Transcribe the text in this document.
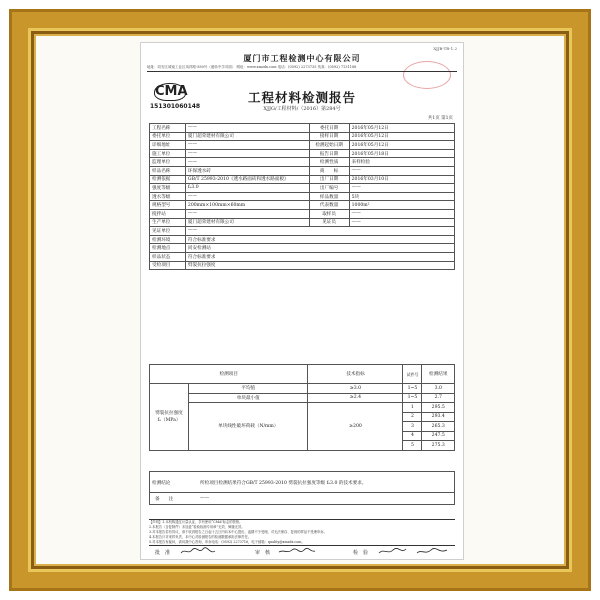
XJJB-TR-1.2
厦门市工程检测中心有限公司
地址：同安区城南工业区凤祥路-580号（港转中学对面） 网址：www.xmzdx.com 电话：(0592) 2273735 传真：(0592) 7131188
CMA
151301060148
工程材料检测报告
XJJG/工程材料/（2016）第284号
共1页 第1页
工程名称	——	委托日期	2016年05月12日
委托单位	厦门超荣建材有限公司	接样日期	2016年05月12日
详细地址	——	检测起始日期	2016年05月12日
施工单位	——	报告日期	2016年05月18日
监理单位	——	检测性质	来样检验
样品名称	环保透水砖	商　　标	——
检测依据	GB/T 25993-2010《透水路面砖和透水路面板》	出厂日期	2016年03月10日
强度等级	fₑ3.0	出厂编号	——
透水等级	——	样品数量	5块
规格型号	200mm×100mm×60mm	代表数量	1000m²
搅拌站	——	取样员	——
生产单位	厦门超荣建材有限公司	见证员	——
见证单位	——		
检测环境	符合标准要求		
检测地点	同安检测站		
样品状态	符合标准要求		
受检项目	劈裂抗拉强度		
检测项目		技术指标	试件号	检测结果

劈裂抗拉强度
fₑ（MPa）	平均值	≥3.0	1~5	3.0
	单块最小值	≥2.4	1~5	2.7
	单块线性破坏荷载（N/mm）	≥200	1	295.5
			2	293.4
			3	265.3
			4	247.5
			5	275.3
检测结论	所检项目检测结果符合GB/T 25993-2010 劈裂抗拉强度等级 fₑ3.0 的技术要求。
备　　注	——
【声明】1.本机构通过计量认证，享有使用“CMA”标志的资格。
2.本报告（含复制件）未加盖“检验检测专用章”无效，骑缝无效。
3.对本报告若有异议，请于收到报告之日起十五日内向本中心提出，逾期不予受理。对无法保存、复现的样品不受理申诉。
4.本报告只对来样负责，本中心对检测报告的检测数据承担法律责任。
5.对本报告有疑问，请向我中心咨询，申诉电话：(0592) 2273716，电子邮箱：quality@xmzdx.com。
批　准	审　核	检　验
